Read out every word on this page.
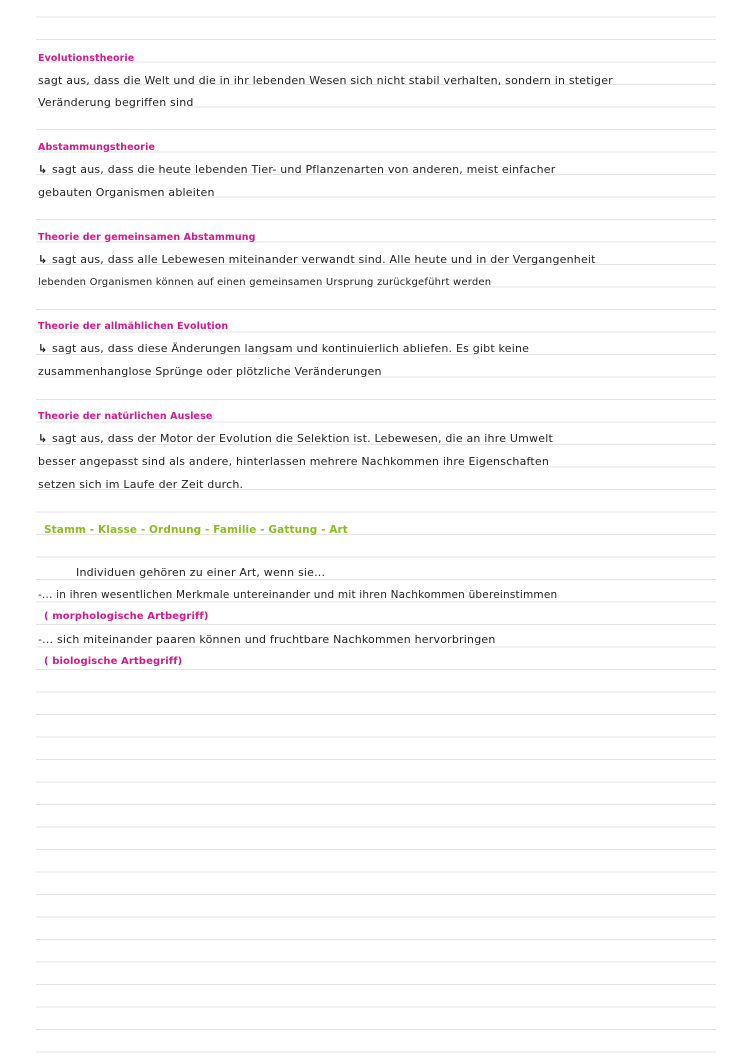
Evolutionstheorie
sagt aus, dass die Welt und die in ihr lebenden Wesen sich nicht stabil verhalten, sondern in stetiger
Veränderung begriffen sind
Abstammungstheorie
↳ sagt aus, dass die heute lebenden Tier- und Pflanzenarten von anderen, meist einfacher
gebauten Organismen ableiten
Theorie der gemeinsamen Abstammung
↳ sagt aus, dass alle Lebewesen miteinander verwandt sind. Alle heute und in der Vergangenheit
lebenden Organismen können auf einen gemeinsamen Ursprung zurückgeführt werden
Theorie der allmählichen Evolution
↳ sagt aus, dass diese Änderungen langsam und kontinuierlich abliefen. Es gibt keine
zusammenhanglose Sprünge oder plötzliche Veränderungen
Theorie der natürlichen Auslese
↳ sagt aus, dass der Motor der Evolution die Selektion ist. Lebewesen, die an ihre Umwelt
besser angepasst sind als andere, hinterlassen mehrere Nachkommen ihre Eigenschaften
setzen sich im Laufe der Zeit durch.
Stamm - Klasse - Ordnung - Familie - Gattung - Art
Individuen gehören zu einer Art, wenn sie...
-... in ihren wesentlichen Merkmale untereinander und mit ihren Nachkommen übereinstimmen
( morphologische Artbegriff)
-... sich miteinander paaren können und fruchtbare Nachkommen hervorbringen
( biologische Artbegriff)
